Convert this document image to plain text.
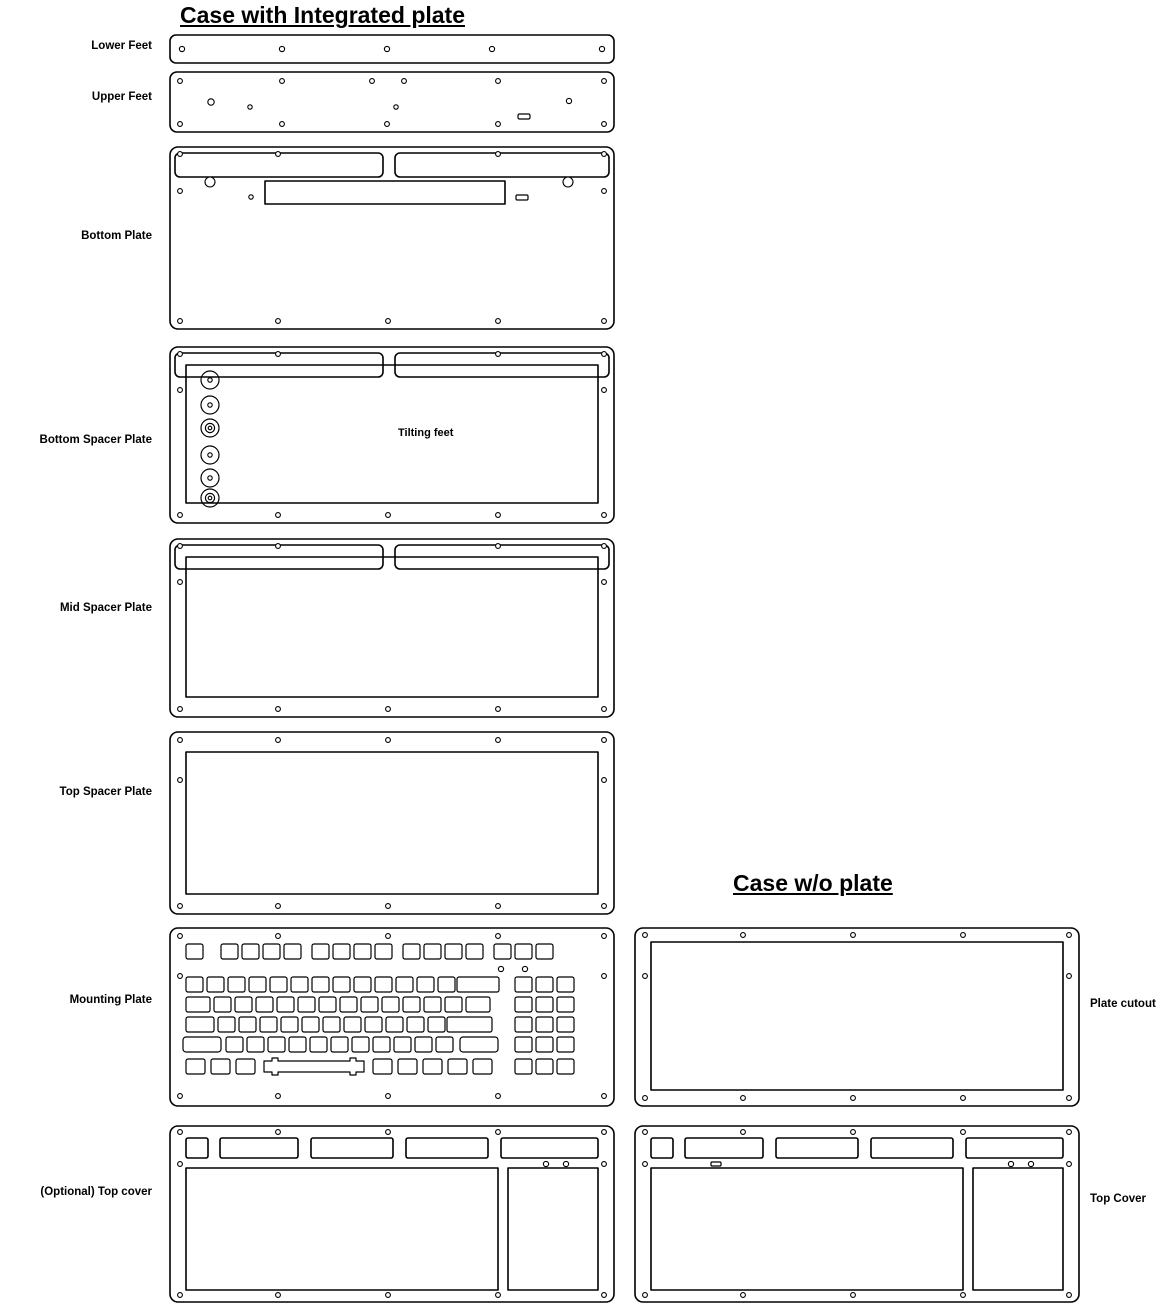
Case with Integrated plate
Case w/o plate
Lower Feet
Upper Feet
Bottom Plate
Bottom Spacer Plate
Mid Spacer Plate
Top Spacer Plate
Mounting Plate
(Optional) Top cover
Plate cutout
Top Cover
Tilting feet
